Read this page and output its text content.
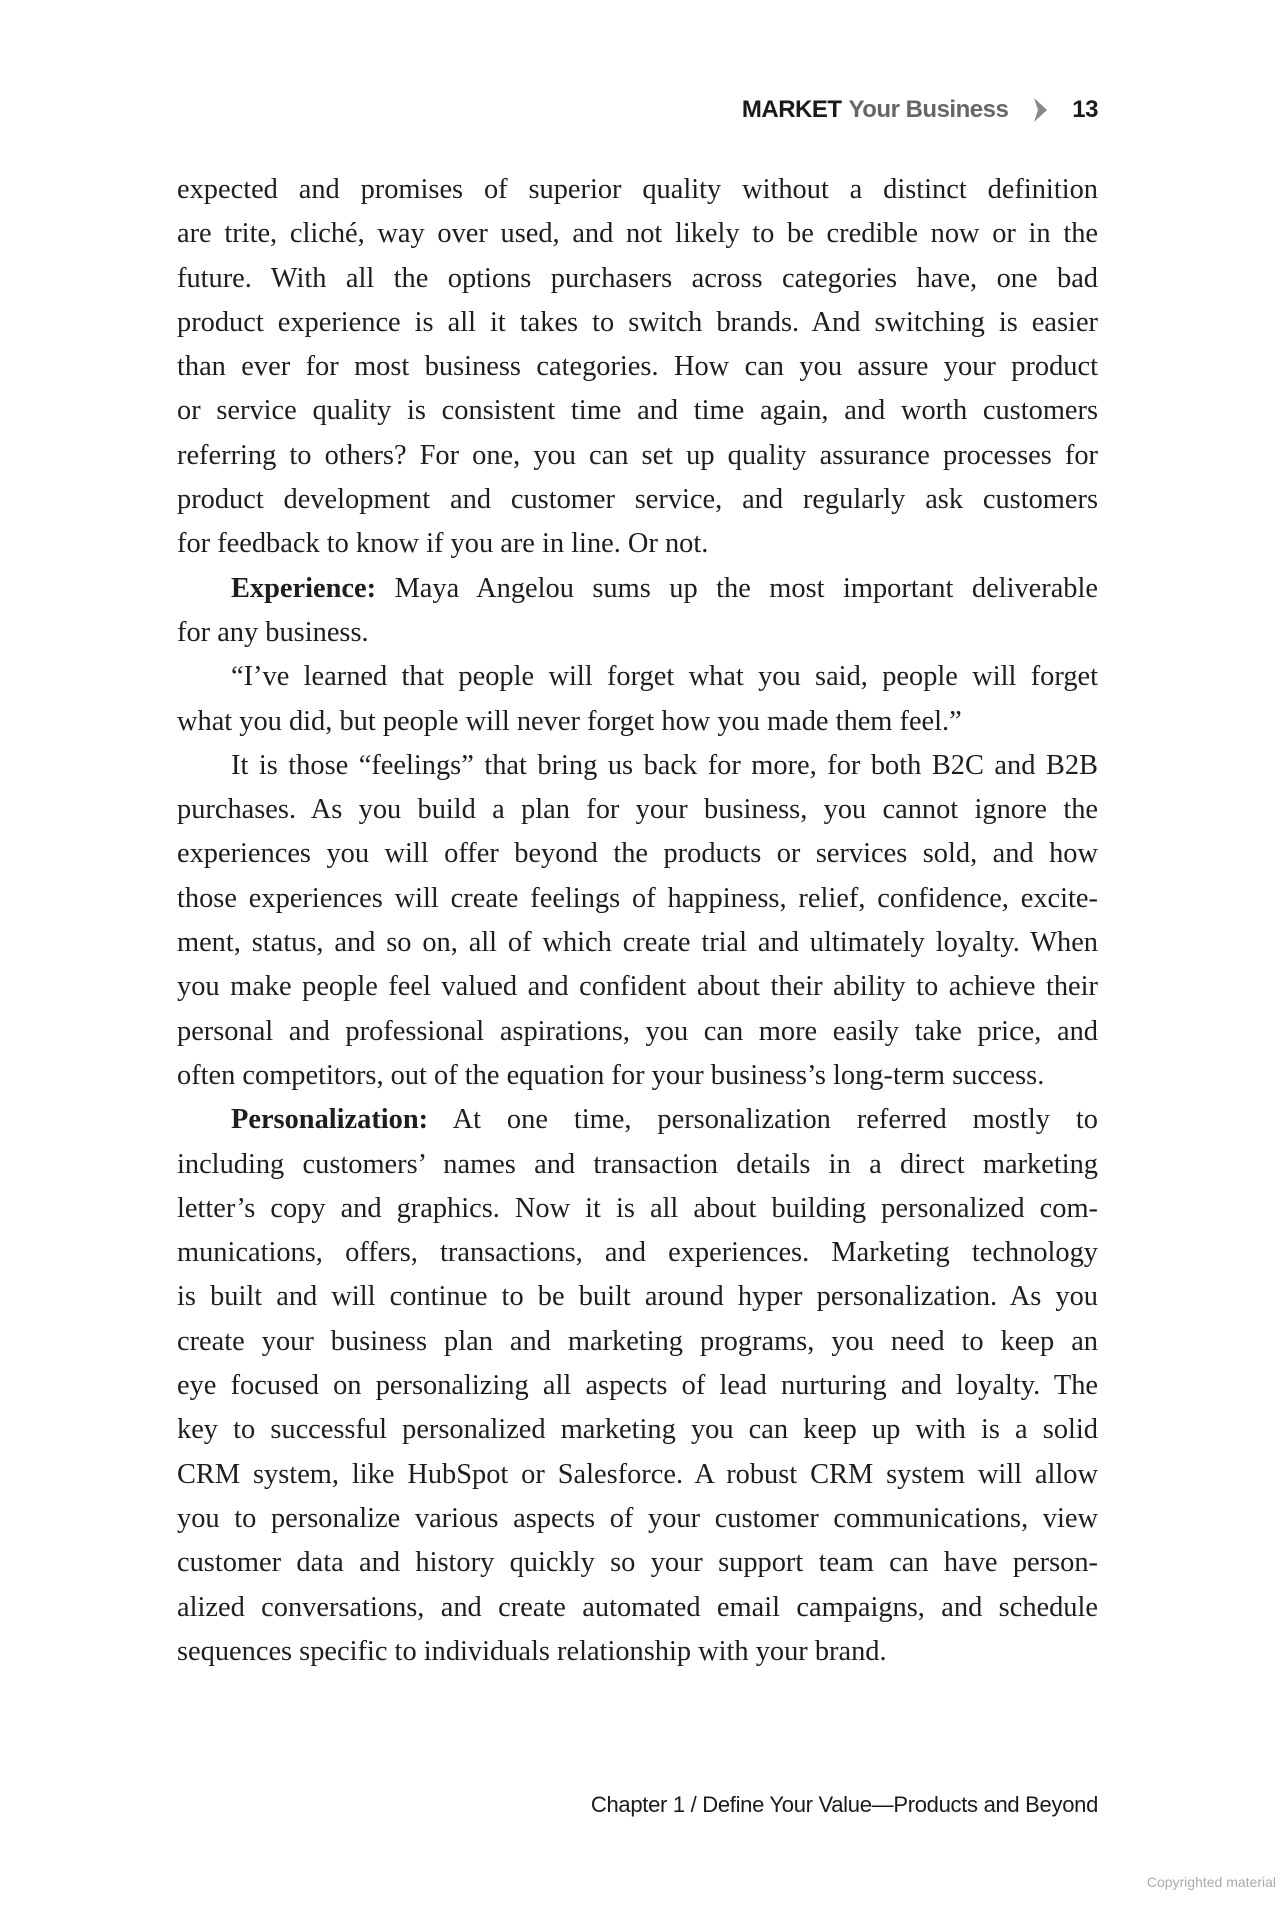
MARKET Your Business	13
expected and promises of superior quality without a distinct definition
are trite, cliché, way over used, and not likely to be credible now or in the
future. With all the options purchasers across categories have, one bad
product experience is all it takes to switch brands. And switching is easier
than ever for most business categories. How can you assure your product
or service quality is consistent time and time again, and worth customers
referring to others? For one, you can set up quality assurance processes for
product development and customer service, and regularly ask customers
for feedback to know if you are in line. Or not.
Experience: Maya Angelou sums up the most important deliverable
for any business.
“I’ve learned that people will forget what you said, people will forget
what you did, but people will never forget how you made them feel.”
It is those “feelings” that bring us back for more, for both B2C and B2B
purchases. As you build a plan for your business, you cannot ignore the
experiences you will offer beyond the products or services sold, and how
those experiences will create feelings of happiness, relief, confidence, excite-
ment, status, and so on, all of which create trial and ultimately loyalty. When
you make people feel valued and confident about their ability to achieve their
personal and professional aspirations, you can more easily take price, and
often competitors, out of the equation for your business’s long-term success.
Personalization: At one time, personalization referred mostly to
including customers’ names and transaction details in a direct marketing
letter’s copy and graphics. Now it is all about building personalized com-
munications, offers, transactions, and experiences. Marketing technology
is built and will continue to be built around hyper personalization. As you
create your business plan and marketing programs, you need to keep an
eye focused on personalizing all aspects of lead nurturing and loyalty. The
key to successful personalized marketing you can keep up with is a solid
CRM system, like HubSpot or Salesforce. A robust CRM system will allow
you to personalize various aspects of your customer communications, view
customer data and history quickly so your support team can have person-
alized conversations, and create automated email campaigns, and schedule
sequences specific to individuals relationship with your brand.
Chapter 1 / Define Your Value—Products and Beyond
Copyrighted material
